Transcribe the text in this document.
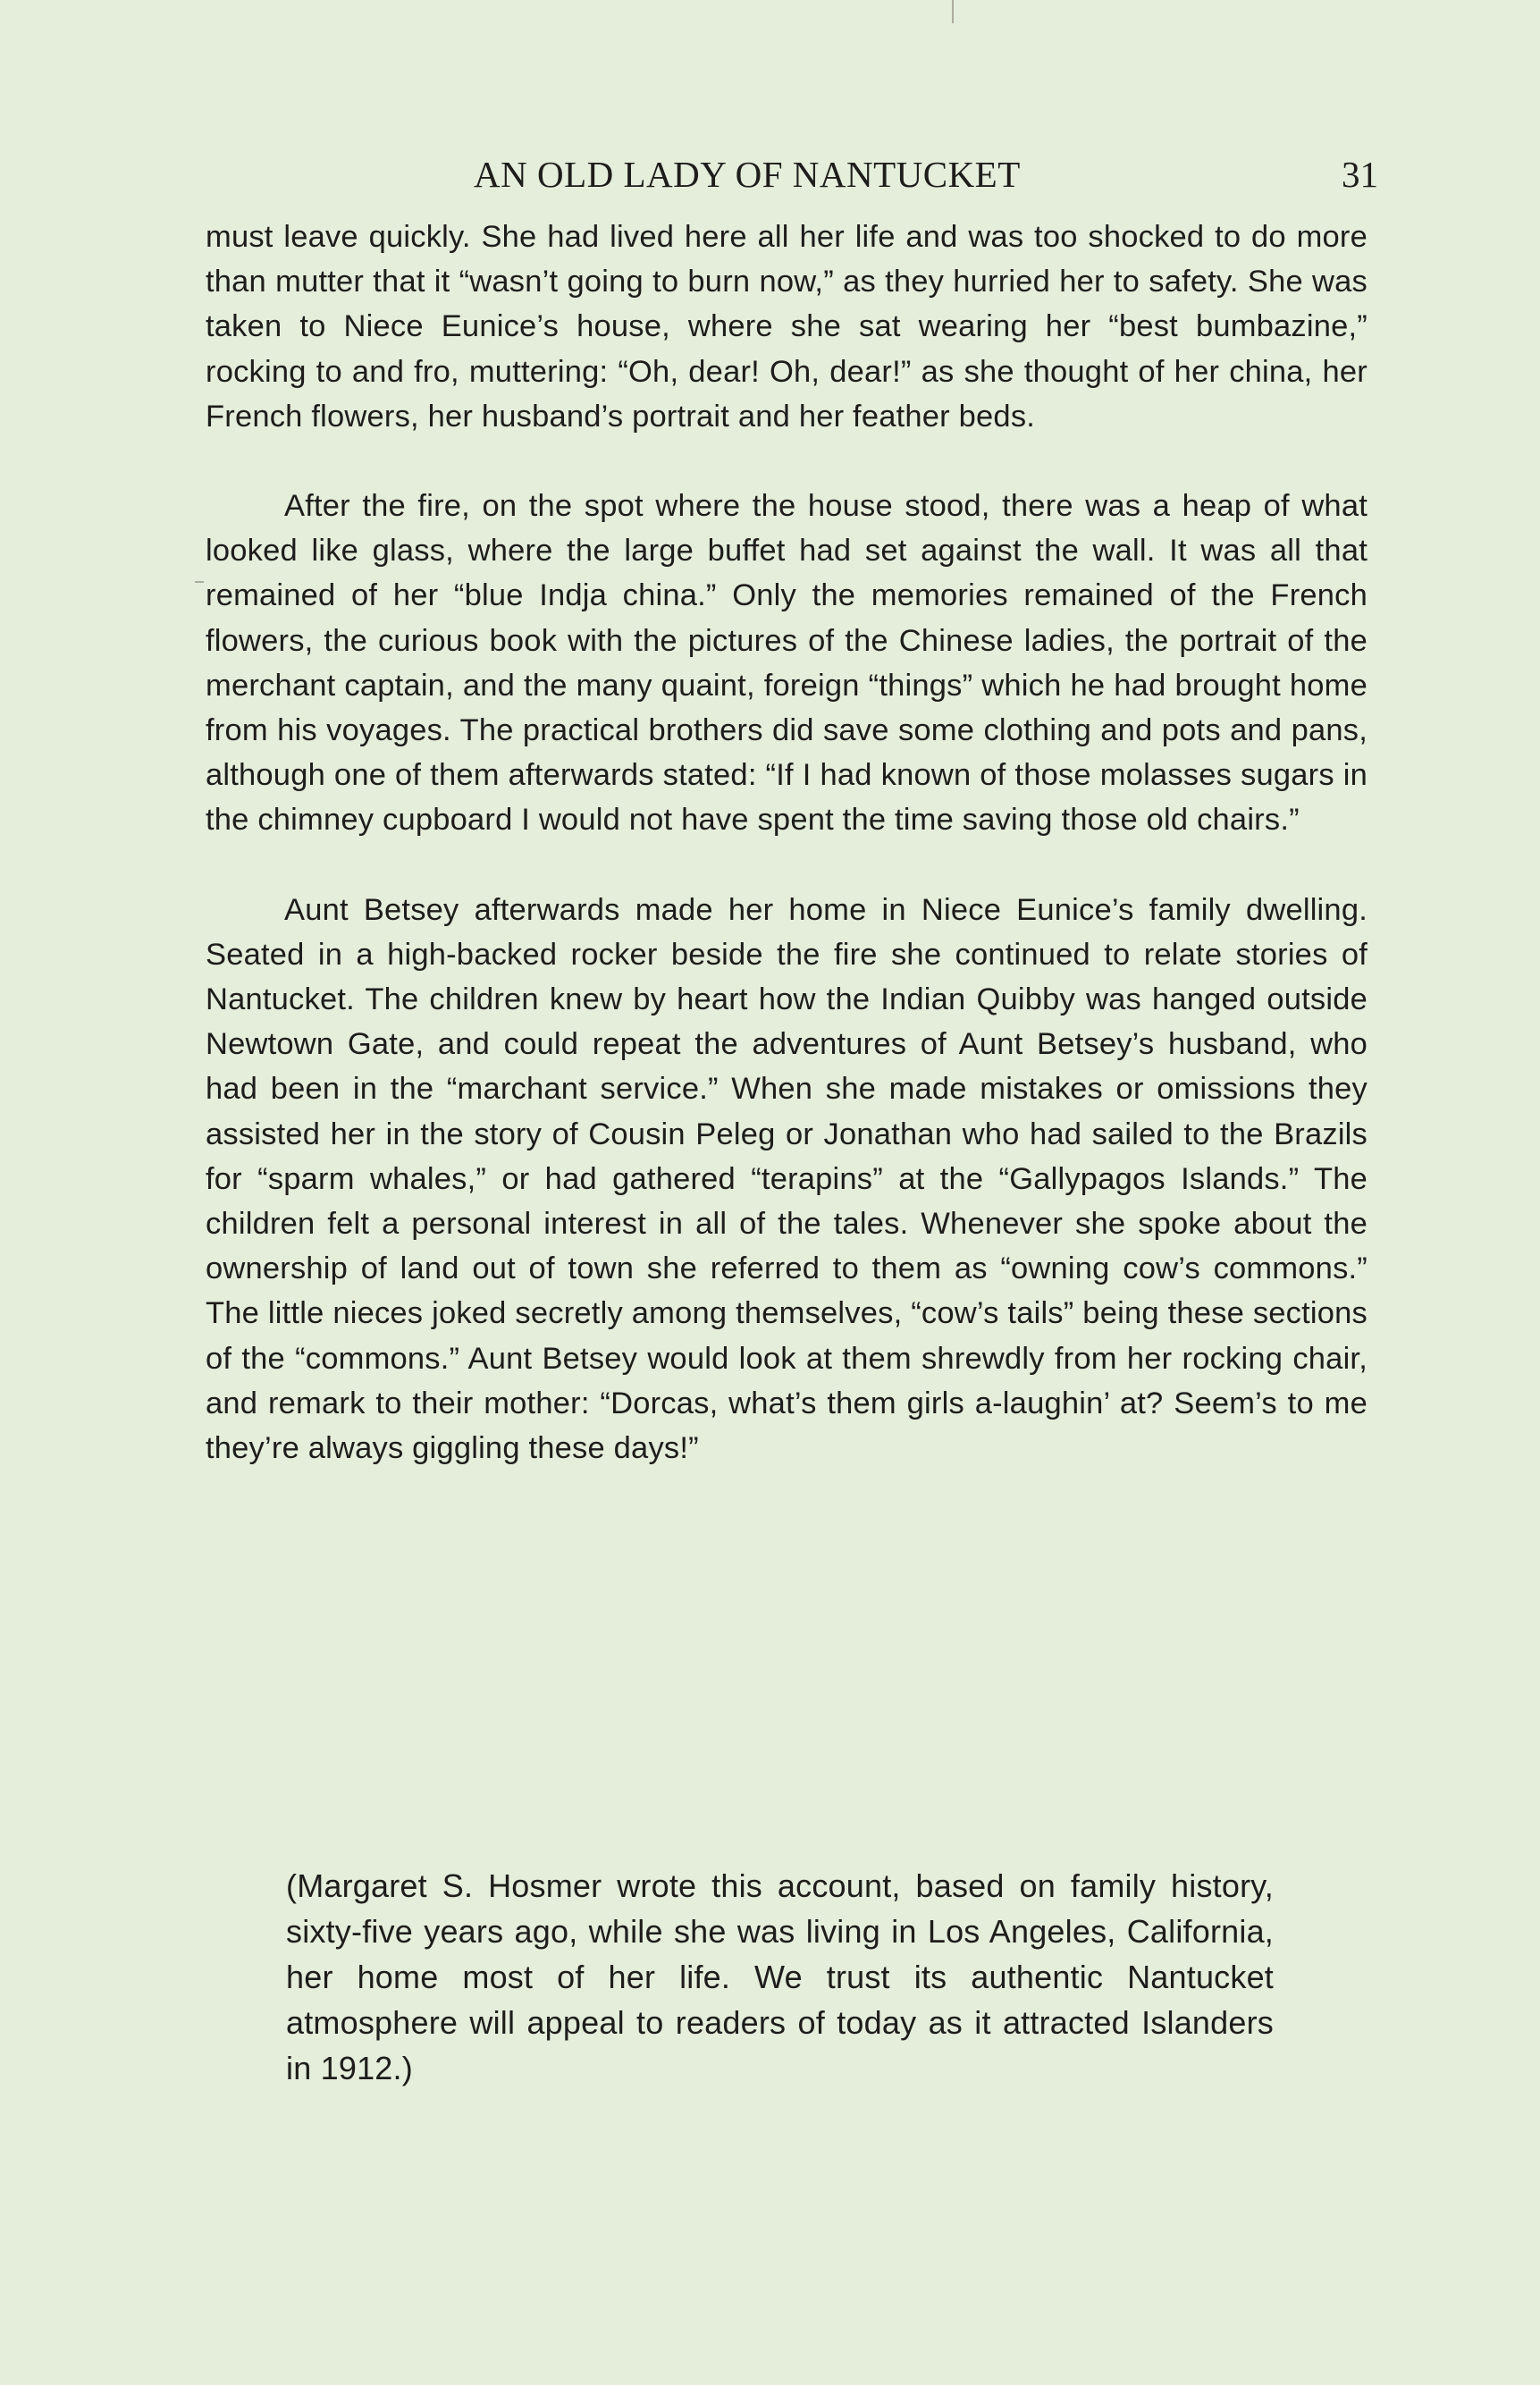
AN OLD LADY OF NANTUCKET	31

must leave quickly. She had lived here all her life and was too shocked to do more than mutter that it “wasn’t going to burn now,” as they hurried her to safety. She was taken to Niece Eunice’s house, where she sat wearing her “best bumbazine,” rocking to and fro, muttering: “Oh, dear! Oh, dear!” as she thought of her china, her French flowers, her husband’s portrait and her feather beds.

After the fire, on the spot where the house stood, there was a heap of what looked like glass, where the large buffet had set against the wall. It was all that remained of her “blue Indja china.” Only the memories remained of the French flowers, the curious book with the pictures of the Chinese ladies, the portrait of the merchant captain, and the many quaint, foreign “things” which he had brought home from his voyages. The practical brothers did save some clothing and pots and pans, although one of them afterwards stated: “If I had known of those molasses sugars in the chimney cupboard I would not have spent the time saving those old chairs.”

Aunt Betsey afterwards made her home in Niece Eunice’s family dwelling. Seated in a high-backed rocker beside the fire she continued to relate stories of Nantucket. The children knew by heart how the Indian Quibby was hanged outside Newtown Gate, and could repeat the adventures of Aunt Betsey’s husband, who had been in the “marchant service.” When she made mistakes or omissions they assisted her in the story of Cousin Peleg or Jonathan who had sailed to the Brazils for “sparm whales,” or had gathered “terapins” at the “Gallypagos Islands.” The children felt a personal interest in all of the tales. Whenever she spoke about the ownership of land out of town she referred to them as “owning cow’s commons.” The little nieces joked secretly among themselves, “cow’s tails” being these sections of the “commons.” Aunt Betsey would look at them shrewdly from her rocking chair, and remark to their mother: “Dorcas, what’s them girls a-laughin’ at? Seem’s to me they’re always giggling these days!”

(Margaret S. Hosmer wrote this account, based on family history, sixty-five years ago, while she was living in Los Angeles, California, her home most of her life. We trust its authentic Nantucket atmosphere will appeal to readers of today as it attracted Islanders in 1912.)
